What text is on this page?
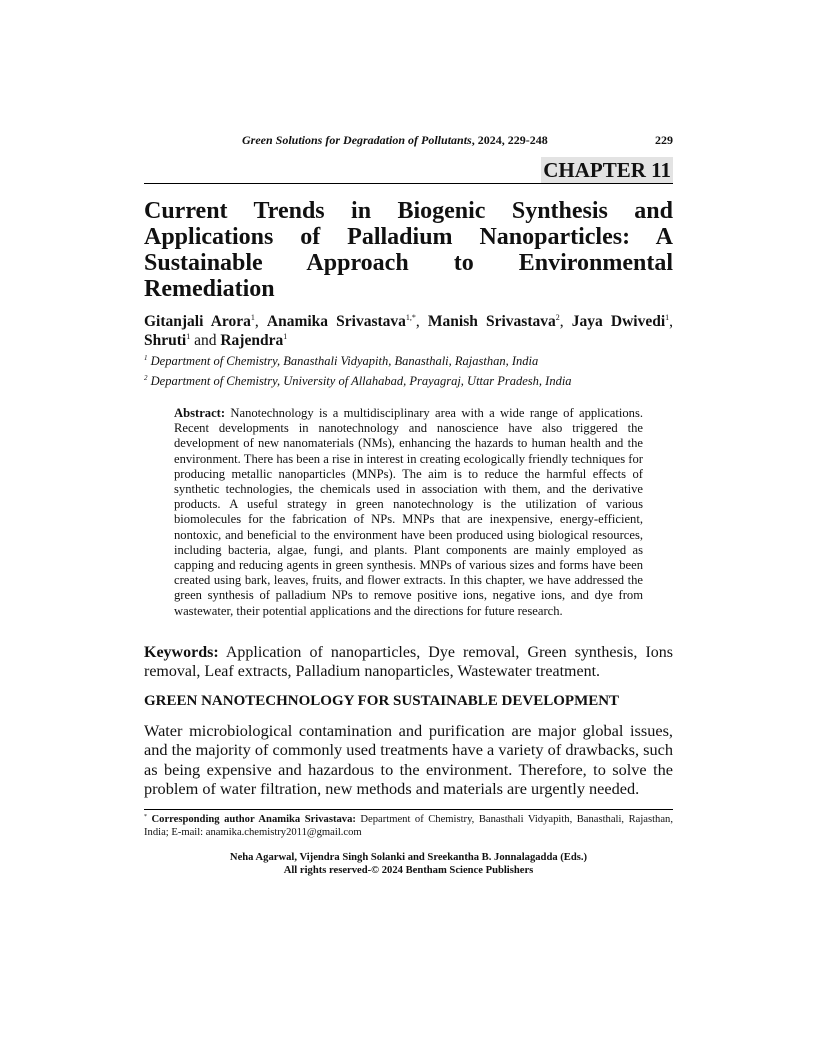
Green Solutions for Degradation of Pollutants, 2024, 229-248	229
CHAPTER 11
Current Trends in Biogenic Synthesis and Applications of Palladium Nanoparticles: A Sustainable Approach to Environmental Remediation
Gitanjali Arora$^1$, Anamika Srivastava$^{1,*}$, Manish Srivastava$^2$, Jaya Dwivedi$^1$, Shruti$^1$ and Rajendra$^1$
$^1$ Department of Chemistry, Banasthali Vidyapith, Banasthali, Rajasthan, India
$^2$ Department of Chemistry, University of Allahabad, Prayagraj, Uttar Pradesh, India
Abstract: Nanotechnology is a multidisciplinary area with a wide range of applications. Recent developments in nanotechnology and nanoscience have also triggered the development of new nanomaterials (NMs), enhancing the hazards to human health and the environment. There has been a rise in interest in creating ecologically friendly techniques for producing metallic nanoparticles (MNPs). The aim is to reduce the harmful effects of synthetic technologies, the chemicals used in association with them, and the derivative products. A useful strategy in green nanotechnology is the utilization of various biomolecules for the fabrication of NPs. MNPs that are inexpensive, energy-efficient, nontoxic, and beneficial to the environment have been produced using biological resources, including bacteria, algae, fungi, and plants. Plant components are mainly employed as capping and reducing agents in green synthesis. MNPs of various sizes and forms have been created using bark, leaves, fruits, and flower extracts. In this chapter, we have addressed the green synthesis of palladium NPs to remove positive ions, negative ions, and dye from wastewater, their potential applications and the directions for future research.
Keywords: Application of nanoparticles, Dye removal, Green synthesis, Ions removal, Leaf extracts, Palladium nanoparticles, Wastewater treatment.
GREEN NANOTECHNOLOGY FOR SUSTAINABLE DEVELOPMENT
Water microbiological contamination and purification are major global issues, and the majority of commonly used treatments have a variety of drawbacks, such as being expensive and hazardous to the environment. Therefore, to solve the problem of water filtration, new methods and materials are urgently needed.
* Corresponding author Anamika Srivastava: Department of Chemistry, Banasthali Vidyapith, Banasthali, Rajasthan, India; E-mail: anamika.chemistry2011@gmail.com
Neha Agarwal, Vijendra Singh Solanki and Sreekantha B. Jonnalagadda (Eds.)
All rights reserved-© 2024 Bentham Science Publishers
